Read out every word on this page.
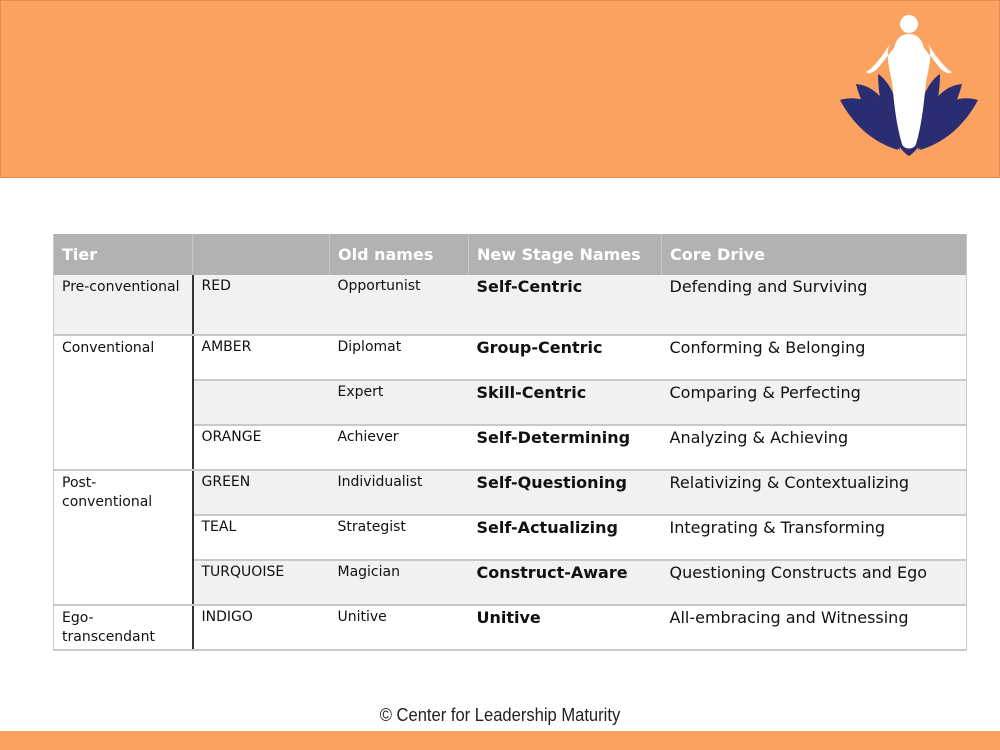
Tier		Old names	New Stage Names	Core Drive
Pre-conventional	RED	Opportunist	Self-Centric	Defending and Surviving
Conventional	AMBER	Diplomat	Group-Centric	Conforming & Belonging
		Expert	Skill-Centric	Comparing & Perfecting
	ORANGE	Achiever	Self-Determining	Analyzing & Achieving
Post-conventional	GREEN	Individualist	Self-Questioning	Relativizing & Contextualizing
	TEAL	Strategist	Self-Actualizing	Integrating & Transforming
	TURQUOISE	Magician	Construct-Aware	Questioning Constructs and Ego
Ego-transcendant	INDIGO	Unitive	Unitive	All-embracing and Witnessing
© Center for Leadership Maturity
